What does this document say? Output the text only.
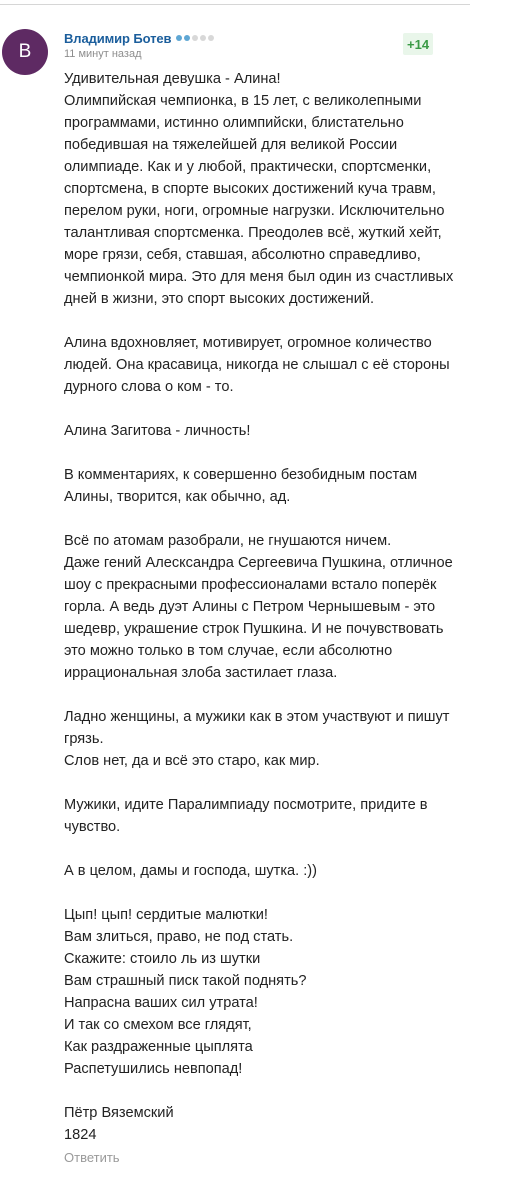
B
Владимир Ботев
11 минут назад
+14

Удивительная девушка - Алина!
Олимпийская чемпионка, в 15 лет, с великолепными
программами, истинно олимпийски, блистательно
победившая на тяжелейшей для великой России
олимпиаде. Как и у любой, практически, спортсменки,
спортсмена, в спорте высоких достижений куча травм,
перелом руки, ноги, огромные нагрузки. Исключительно
талантливая спортсменка. Преодолев всё, жуткий хейт,
море грязи, себя, ставшая, абсолютно справедливо,
чемпионкой мира. Это для меня был один из счастливых
дней в жизни, это спорт высоких достижений.

Алина вдохновляет, мотивирует, огромное количество
людей. Она красавица, никогда не слышал с её стороны
дурного слова о ком - то.

Алина Загитова - личность!

В комментариях, к совершенно безобидным постам
Алины, творится, как обычно, ад.

Всё по атомам разобрали, не гнушаются ничем.
Даже гений Алесксандра Сергеевича Пушкина, отличное
шоу с прекрасными профессионалами встало поперёк
горла. А ведь дуэт Алины с Петром Чернышевым - это
шедевр, украшение строк Пушкина. И не почувствовать
это можно только в том случае, если абсолютно
иррациональная злоба застилает глаза.

Ладно женщины, а мужики как в этом участвуют и пишут
грязь.
Слов нет, да и всё это старо, как мир.

Мужики, идите Паралимпиаду посмотрите, придите в
чувство.

А в целом, дамы и господа, шутка. :))

Цып! цып! сердитые малютки!
Вам злиться, право, не под стать.
Скажите: стоило ль из шутки
Вам страшный писк такой поднять?
Напрасна ваших сил утрата!
И так со смехом все глядят,
Как раздраженные цыплята
Распетушились невпопад!

Пётр Вяземский
1824

Ответить
